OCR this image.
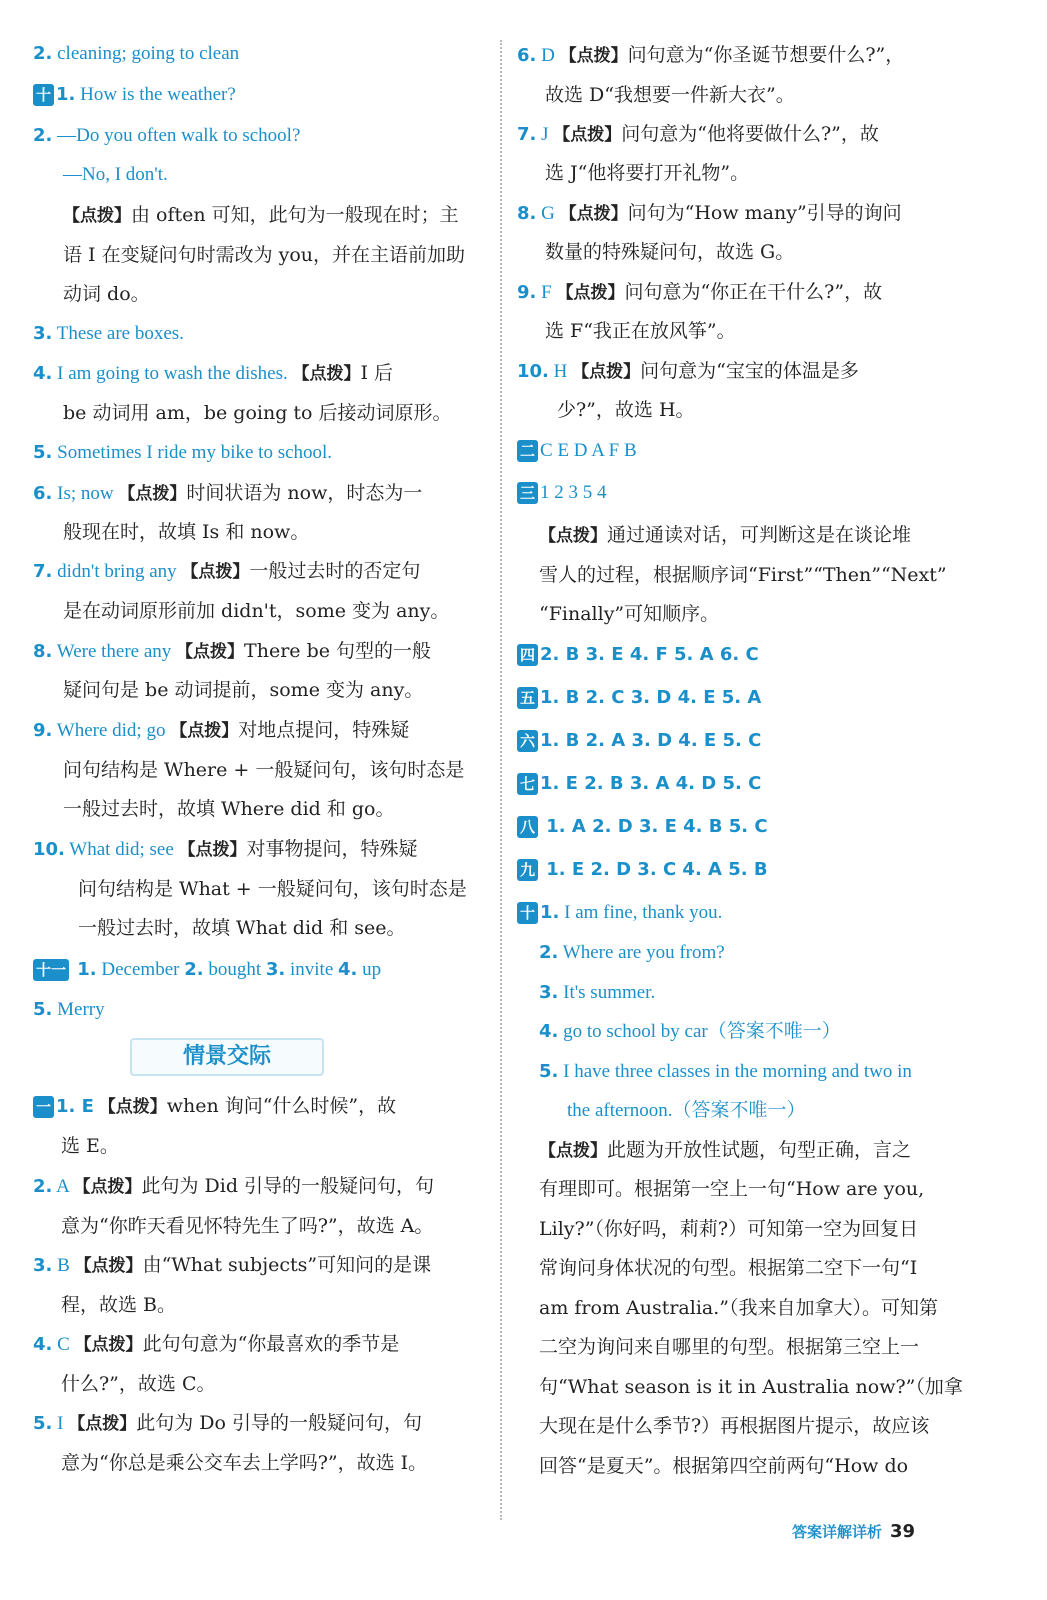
2. cleaning; going to clean
十 1. How is the weather?
2. —Do you often walk to school?
—No, I don't.
【点拨】由 often 可知，此句为一般现在时；主
语 I 在变疑问句时需改为 you，并在主语前加助
动词 do。
3. These are boxes.
4. I am going to wash the dishes. 【点拨】I 后
be 动词用 am，be going to 后接动词原形。
5. Sometimes I ride my bike to school.
6. Is; now 【点拨】时间状语为 now，时态为一
般现在时，故填 Is 和 now。
7. didn't bring any 【点拨】一般过去时的否定句
是在动词原形前加 didn't，some 变为 any。
8. Were there any 【点拨】There be 句型的一般
疑问句是 be 动词提前，some 变为 any。
9. Where did; go 【点拨】对地点提问，特殊疑
问句结构是 Where + 一般疑问句，该句时态是
一般过去时，故填 Where did 和 go。
10. What did; see 【点拨】对事物提问，特殊疑
问句结构是 What + 一般疑问句，该句时态是
一般过去时，故填 What did 和 see。
十一 1. December 2. bought 3. invite 4. up
5. Merry
一 1. E 【点拨】when 询问“什么时候”，故
选 E。
2. A 【点拨】此句为 Did 引导的一般疑问句，句
意为“你昨天看见怀特先生了吗?”，故选 A。
3. B 【点拨】由“What subjects”可知问的是课
程，故选 B。
4. C 【点拨】此句句意为“你最喜欢的季节是
什么?”，故选 C。
5. I 【点拨】此句为 Do 引导的一般疑问句，句
意为“你总是乘公交车去上学吗?”，故选 I。
6. D 【点拨】问句意为“你圣诞节想要什么?”，
故选 D“我想要一件新大衣”。
7. J 【点拨】问句意为“他将要做什么?”，故
选 J“他将要打开礼物”。
8. G 【点拨】问句为“How many”引导的询问
数量的特殊疑问句，故选 G。
9. F 【点拨】问句意为“你正在干什么?”，故
选 F“我正在放风筝”。
10. H 【点拨】问句意为“宝宝的体温是多
少?”，故选 H。
二 C E D A F B
三 1 2 3 5 4
【点拨】通过通读对话，可判断这是在谈论堆
雪人的过程，根据顺序词“First”“Then”“Next”
“Finally”可知顺序。
四 2. B 3. E 4. F 5. A 6. C
五 1. B 2. C 3. D 4. E 5. A
六 1. B 2. A 3. D 4. E 5. C
七 1. E 2. B 3. A 4. D 5. C
八 1. A 2. D 3. E 4. B 5. C
九 1. E 2. D 3. C 4. A 5. B
十 1. I am fine, thank you.
2. Where are you from?
3. It's summer.
4. go to school by car（答案不唯一）
5. I have three classes in the morning and two in
the afternoon.（答案不唯一）
【点拨】此题为开放性试题，句型正确，言之
有理即可。根据第一空上一句“How are you,
Lily?”（你好吗，莉莉?）可知第一空为回复日
常询问身体状况的句型。根据第二空下一句“I
am from Australia.”（我来自加拿大）。可知第
二空为询问来自哪里的句型。根据第三空上一
句“What season is it in Australia now?”（加拿
大现在是什么季节?）再根据图片提示，故应该
回答“是夏天”。根据第四空前两句“How do
情景交际
答案详解详析 39
